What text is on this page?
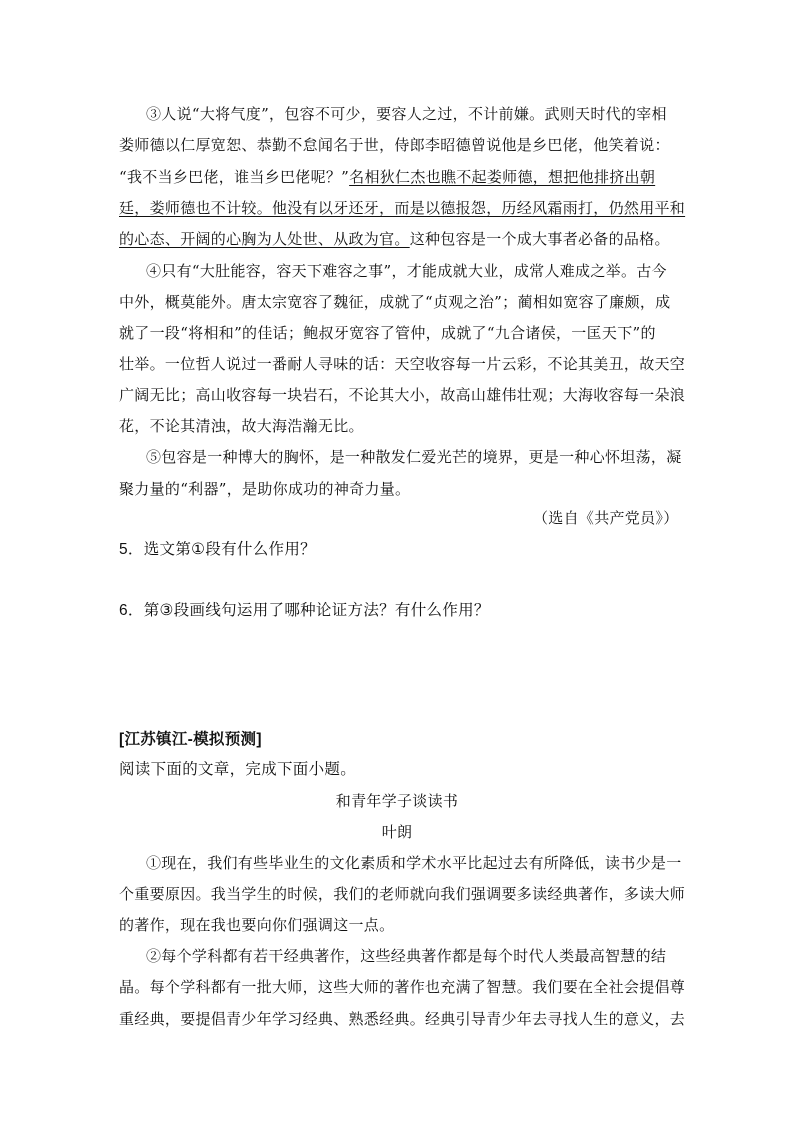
③人说“大将气度”，包容不可少，要容人之过，不计前嫌。武则天时代的宰相
娄师德以仁厚宽恕、恭勤不怠闻名于世，侍郎李昭德曾说他是乡巴佬，他笑着说：
“我不当乡巴佬，谁当乡巴佬呢？”名相狄仁杰也瞧不起娄师德，想把他排挤出朝
廷，娄师德也不计较。他没有以牙还牙，而是以德报怨，历经风霜雨打，仍然用平和
的心态、开阔的心胸为人处世、从政为官。这种包容是一个成大事者必备的品格。
④只有“大肚能容，容天下难容之事”，才能成就大业，成常人难成之举。古今
中外，概莫能外。唐太宗宽容了魏征，成就了“贞观之治”；蔺相如宽容了廉颇，成
就了一段“将相和”的佳话；鲍叔牙宽容了管仲，成就了“九合诸侯，一匡天下”的
壮举。一位哲人说过一番耐人寻味的话：天空收容每一片云彩，不论其美丑，故天空
广阔无比；高山收容每一块岩石，不论其大小，故高山雄伟壮观；大海收容每一朵浪
花，不论其清浊，故大海浩瀚无比。
⑤包容是一种博大的胸怀，是一种散发仁爱光芒的境界，更是一种心怀坦荡，凝
聚力量的“利器”，是助你成功的神奇力量。
（选自《共产党员》）
5．选文第①段有什么作用？
6．第③段画线句运用了哪种论证方法？有什么作用？
[江苏镇江-模拟预测]
阅读下面的文章，完成下面小题。
和青年学子谈读书
叶朗
①现在，我们有些毕业生的文化素质和学术水平比起过去有所降低，读书少是一
个重要原因。我当学生的时候，我们的老师就向我们强调要多读经典著作，多读大师
的著作，现在我也要向你们强调这一点。
②每个学科都有若干经典著作，这些经典著作都是每个时代人类最高智慧的结
晶。每个学科都有一批大师，这些大师的著作也充满了智慧。我们要在全社会提倡尊
重经典，要提倡青少年学习经典、熟悉经典。经典引导青少年去寻找人生的意义，去
